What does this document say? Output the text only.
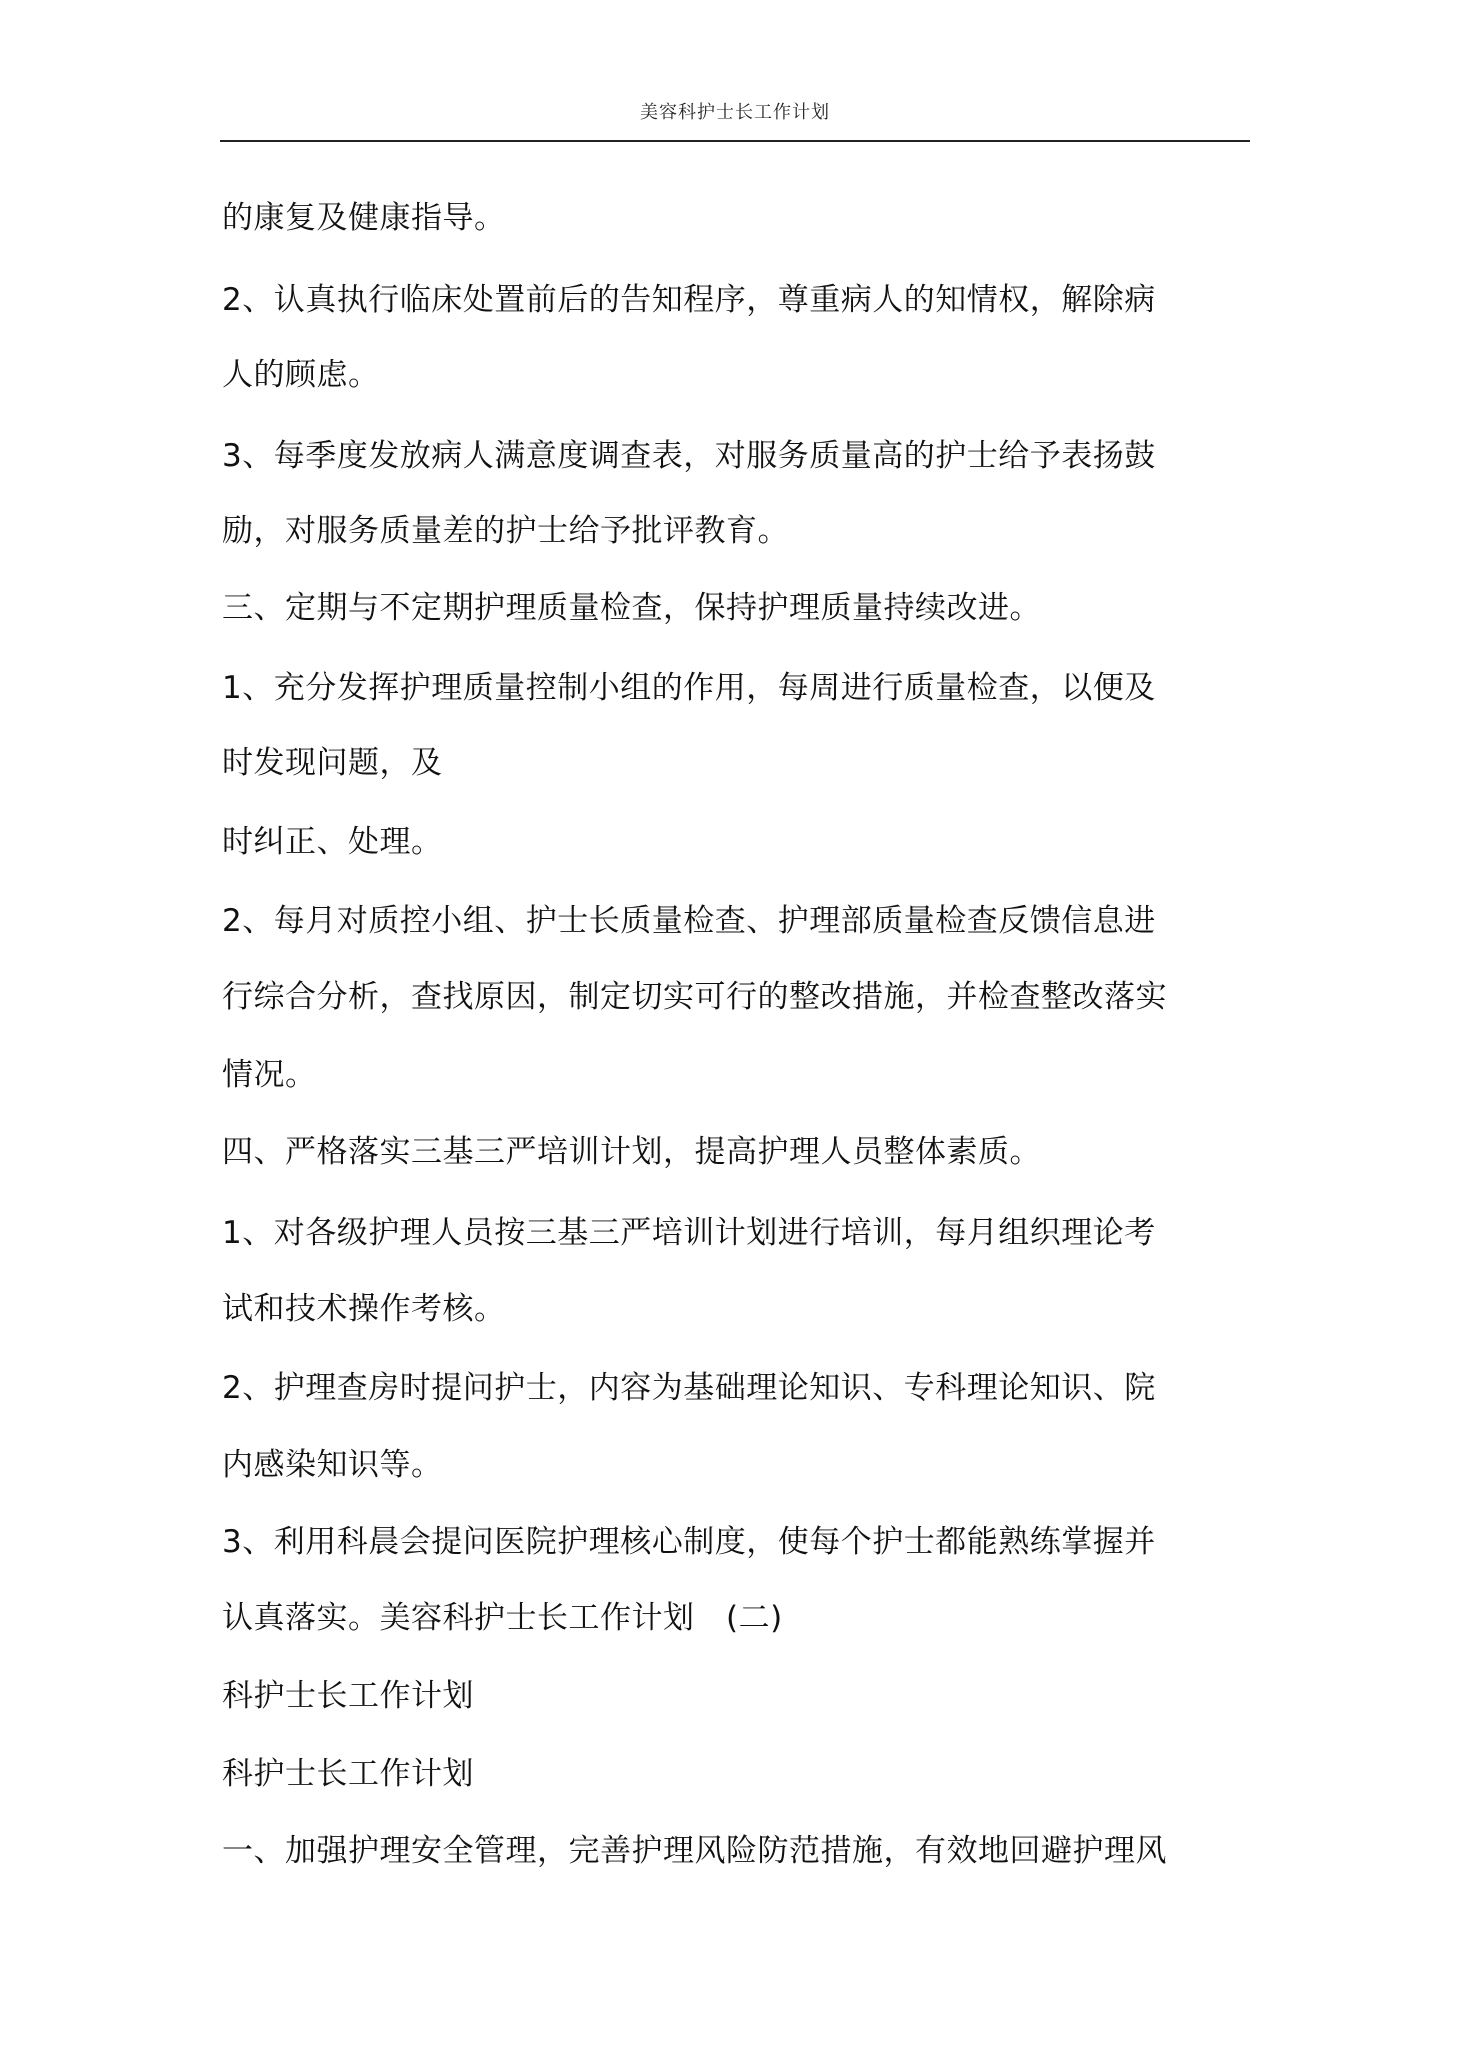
美容科护士长工作计划
的康复及健康指导。
2、认真执行临床处置前后的告知程序，尊重病人的知情权，解除病
人的顾虑。
3、每季度发放病人满意度调查表，对服务质量高的护士给予表扬鼓
励，对服务质量差的护士给予批评教育。
三、定期与不定期护理质量检查，保持护理质量持续改进。
1、充分发挥护理质量控制小组的作用，每周进行质量检查，以便及
时发现问题，及
时纠正、处理。
2、每月对质控小组、护士长质量检查、护理部质量检查反馈信息进
行综合分析，查找原因，制定切实可行的整改措施，并检查整改落实
情况。
四、严格落实三基三严培训计划，提高护理人员整体素质。
1、对各级护理人员按三基三严培训计划进行培训，每月组织理论考
试和技术操作考核。
2、护理查房时提问护士，内容为基础理论知识、专科理论知识、院
内感染知识等。
3、利用科晨会提问医院护理核心制度，使每个护士都能熟练掌握并
认真落实。美容科护士长工作计划　(二)
科护士长工作计划
科护士长工作计划
一、加强护理安全管理，完善护理风险防范措施，有效地回避护理风
